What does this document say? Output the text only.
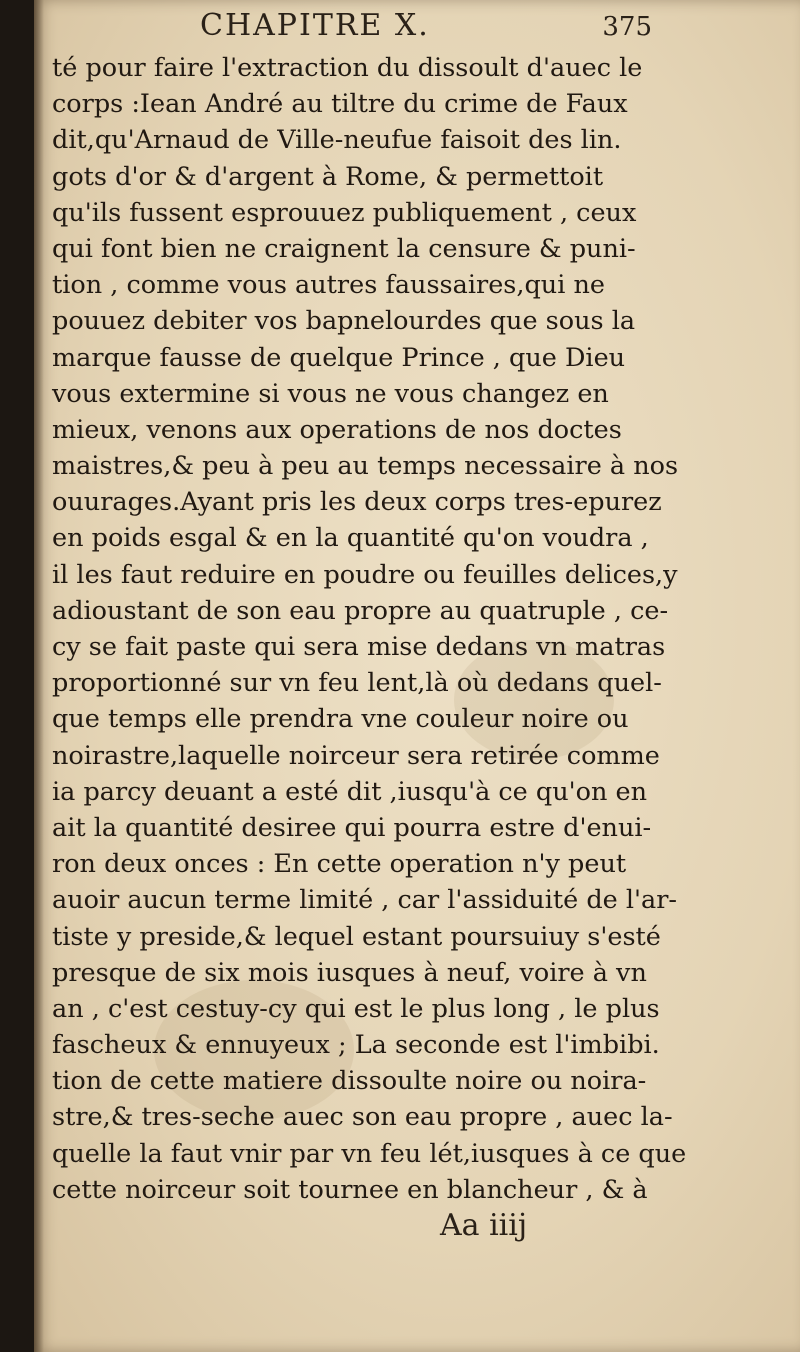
CHAPITRE X.	375
té pour faire l'extraction du dissoult d'auec le
corps :Iean André au tiltre du crime de Faux
dit,qu'Arnaud de Ville-neufue faisoit des lin.
gots d'or & d'argent à Rome, & permettoit
qu'ils fussent esprouuez publiquement , ceux
qui font bien ne craignent la censure & puni-
tion , comme vous autres faussaires,qui ne
pouuez debiter vos bapnelourdes que sous la
marque fausse de quelque Prince , que Dieu
vous extermine si vous ne vous changez en
mieux, venons aux operations de nos doctes
maistres,& peu à peu au temps necessaire à nos
ouurages.Ayant pris les deux corps tres-epurez
en poids esgal & en la quantité qu'on voudra ,
il les faut reduire en poudre ou feuilles delices,y
adioustant de son eau propre au quatruple , ce-
cy se fait paste qui sera mise dedans vn matras
proportionné sur vn feu lent,là où dedans quel-
que temps elle prendra vne couleur noire ou
noirastre,laquelle noirceur sera retirée comme
ia parcy deuant a esté dit ,iusqu'à ce qu'on en
ait la quantité desiree qui pourra estre d'enui-
ron deux onces : En cette operation n'y peut
auoir aucun terme limité , car l'assiduité de l'ar-
tiste y preside,& lequel estant poursuiuy s'esté
presque de six mois iusques à neuf, voire à vn
an , c'est cestuy-cy qui est le plus long , le plus
fascheux & ennuyeux ; La seconde est l'imbibi.
tion de cette matiere dissoulte noire ou noira-
stre,& tres-seche auec son eau propre , auec la-
quelle la faut vnir par vn feu lét,iusques à ce que
cette noirceur soit tournee en blancheur , & à
Aa iiij
